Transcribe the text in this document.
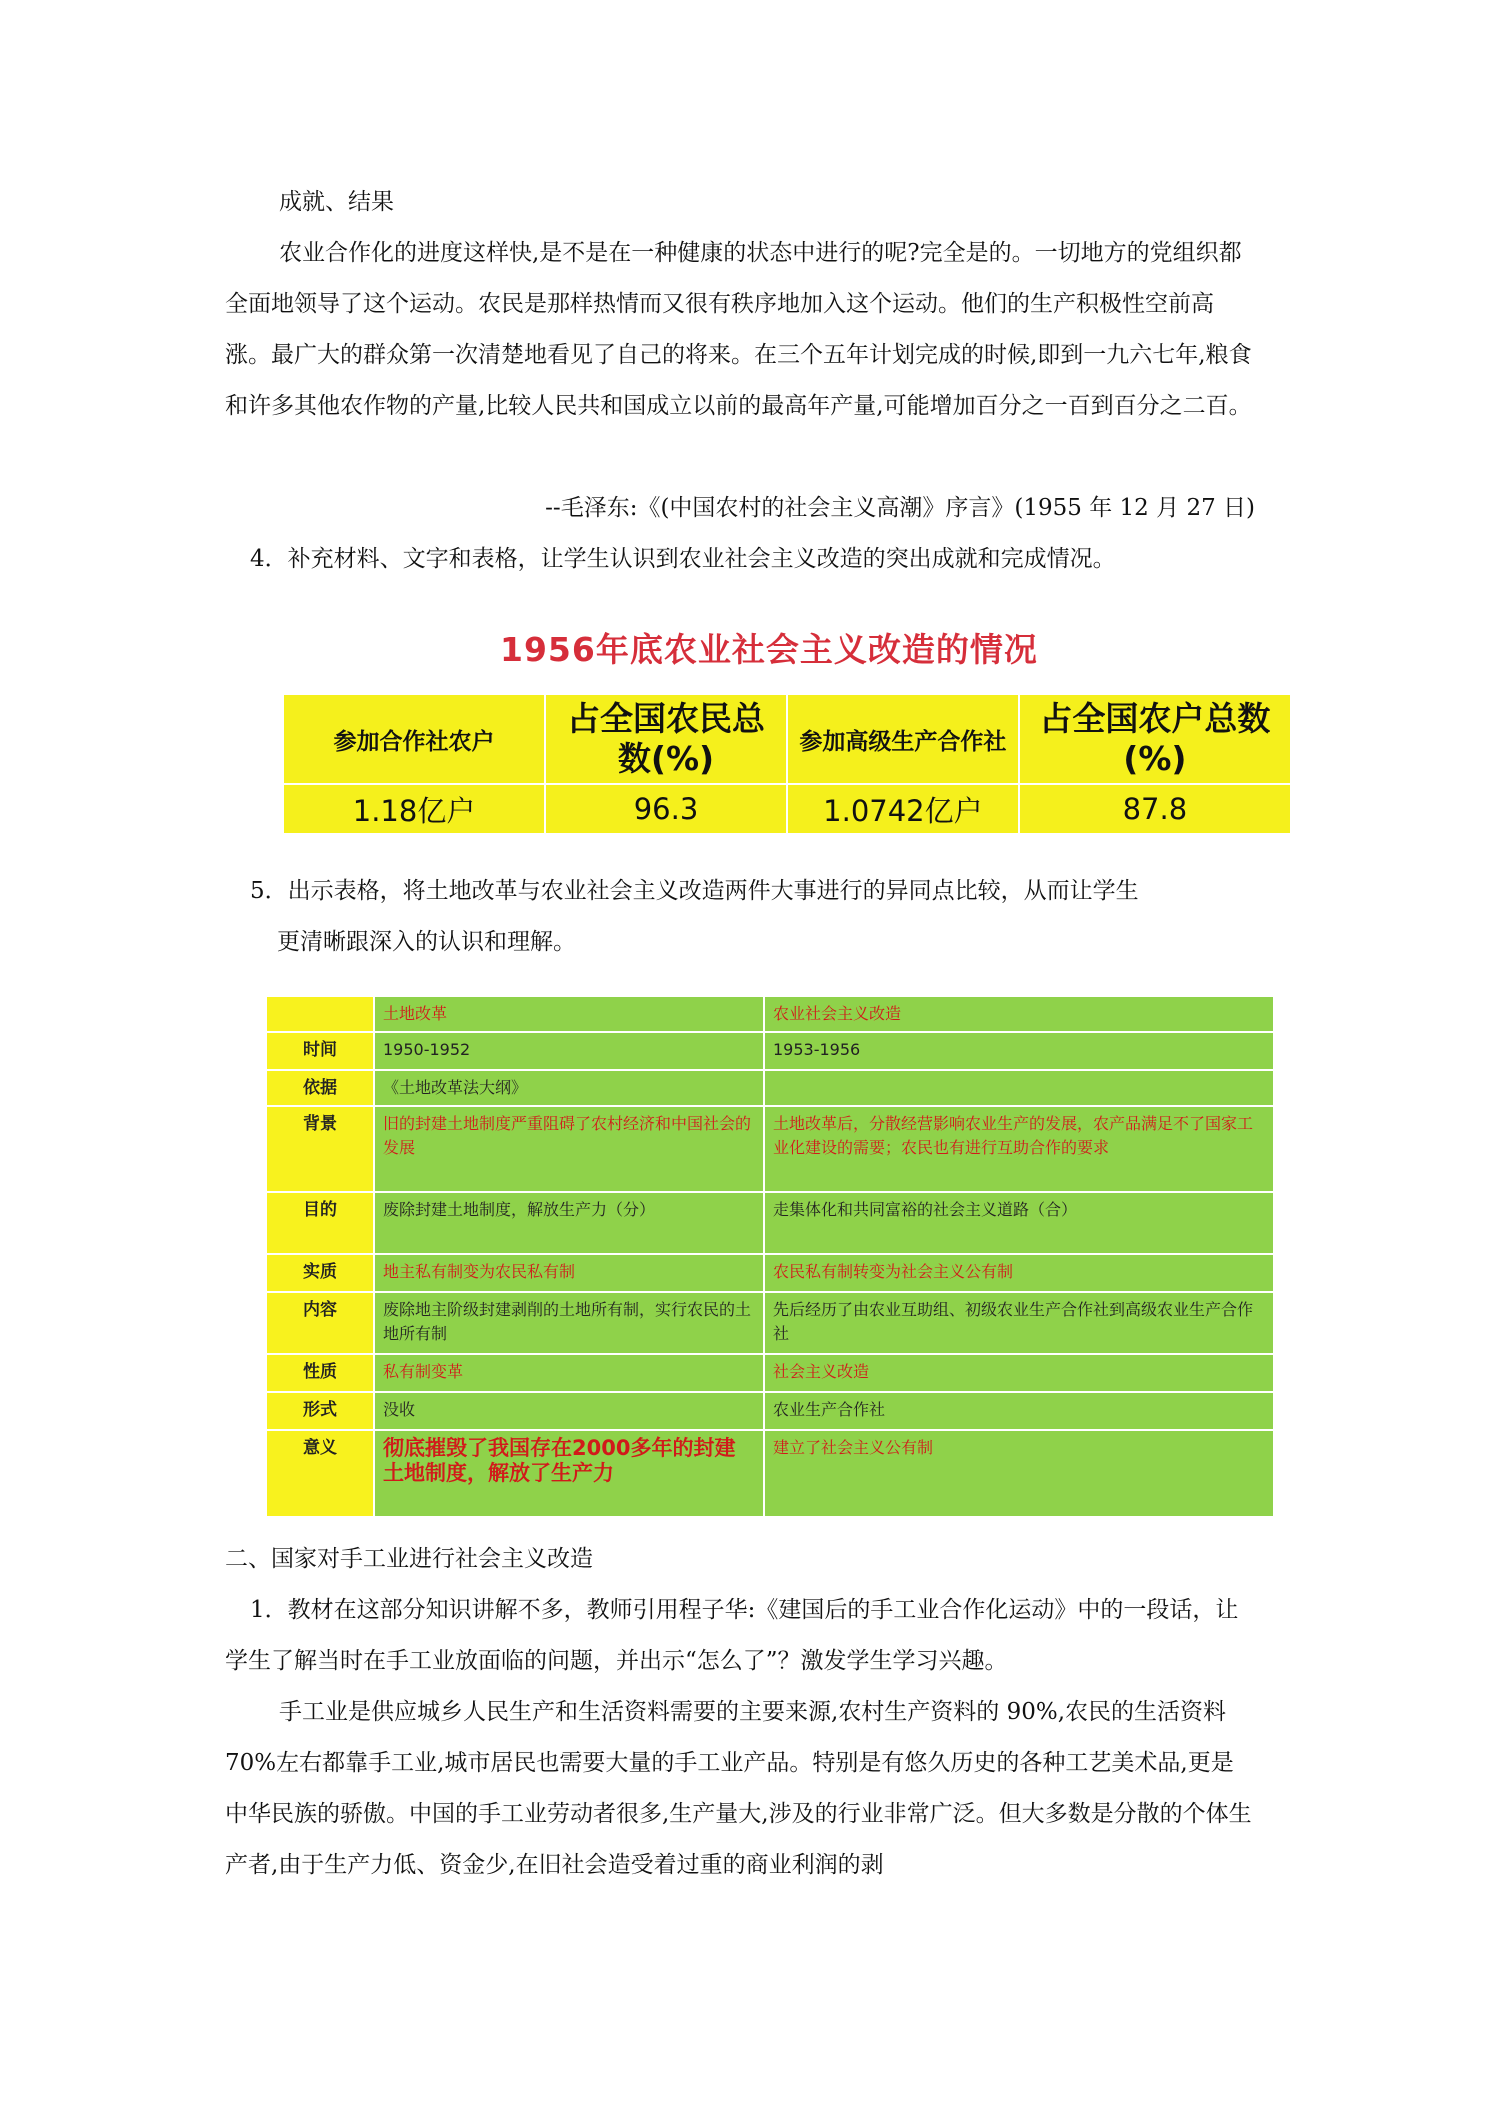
成就、结果
农业合作化的进度这样快,是不是在一种健康的状态中进行的呢?完全是的。一切地方的党组织都全面地领导了这个运动。农民是那样热情而又很有秩序地加入这个运动。他们的生产积极性空前高涨。最广大的群众第一次清楚地看见了自己的将来。在三个五年计划完成的时候,即到一九六七年,粮食和许多其他农作物的产量,比较人民共和国成立以前的最高年产量,可能增加百分之一百到百分之二百。
--毛泽东:《(中国农村的社会主义高潮》序言》(1955 年 12 月 27 日)
4．补充材料、文字和表格，让学生认识到农业社会主义改造的突出成就和完成情况。
1956年底农业社会主义改造的情况
参加合作社农户	占全国农民总数(%)	参加高级生产合作社	占全国农户总数(%)
1.18亿户	96.3	1.0742亿户	87.8
5．出示表格，将土地改革与农业社会主义改造两件大事进行的异同点比较，从而让学生
更清晰跟深入的认识和理解。
	土地改革	农业社会主义改造
时间	1950-1952	1953-1956
依据	《土地改革法大纲》	
背景	旧的封建土地制度严重阻碍了农村经济和中国社会的发展	土地改革后，分散经营影响农业生产的发展，农产品满足不了国家工业化建设的需要；农民也有进行互助合作的要求
目的	废除封建土地制度，解放生产力（分）	走集体化和共同富裕的社会主义道路（合）
实质	地主私有制变为农民私有制	农民私有制转变为社会主义公有制
内容	废除地主阶级封建剥削的土地所有制，实行农民的土地所有制	先后经历了由农业互助组、初级农业生产合作社到高级农业生产合作社
性质	私有制变革	社会主义改造
形式	没收	农业生产合作社
意义	彻底摧毁了我国存在2000多年的封建土地制度，解放了生产力	建立了社会主义公有制
二、国家对手工业进行社会主义改造
1．教材在这部分知识讲解不多，教师引用程子华:《建国后的手工业合作化运动》中的一段话，让学生了解当时在手工业放面临的问题，并出示“怎么了”？激发学生学习兴趣。
手工业是供应城乡人民生产和生活资料需要的主要来源,农村生产资料的 90%,农民的生活资料 70%左右都靠手工业,城市居民也需要大量的手工业产品。特别是有悠久历史的各种工艺美术品,更是中华民族的骄傲。中国的手工业劳动者很多,生产量大,涉及的行业非常广泛。但大多数是分散的个体生产者,由于生产力低、资金少,在旧社会造受着过重的商业利润的剥
